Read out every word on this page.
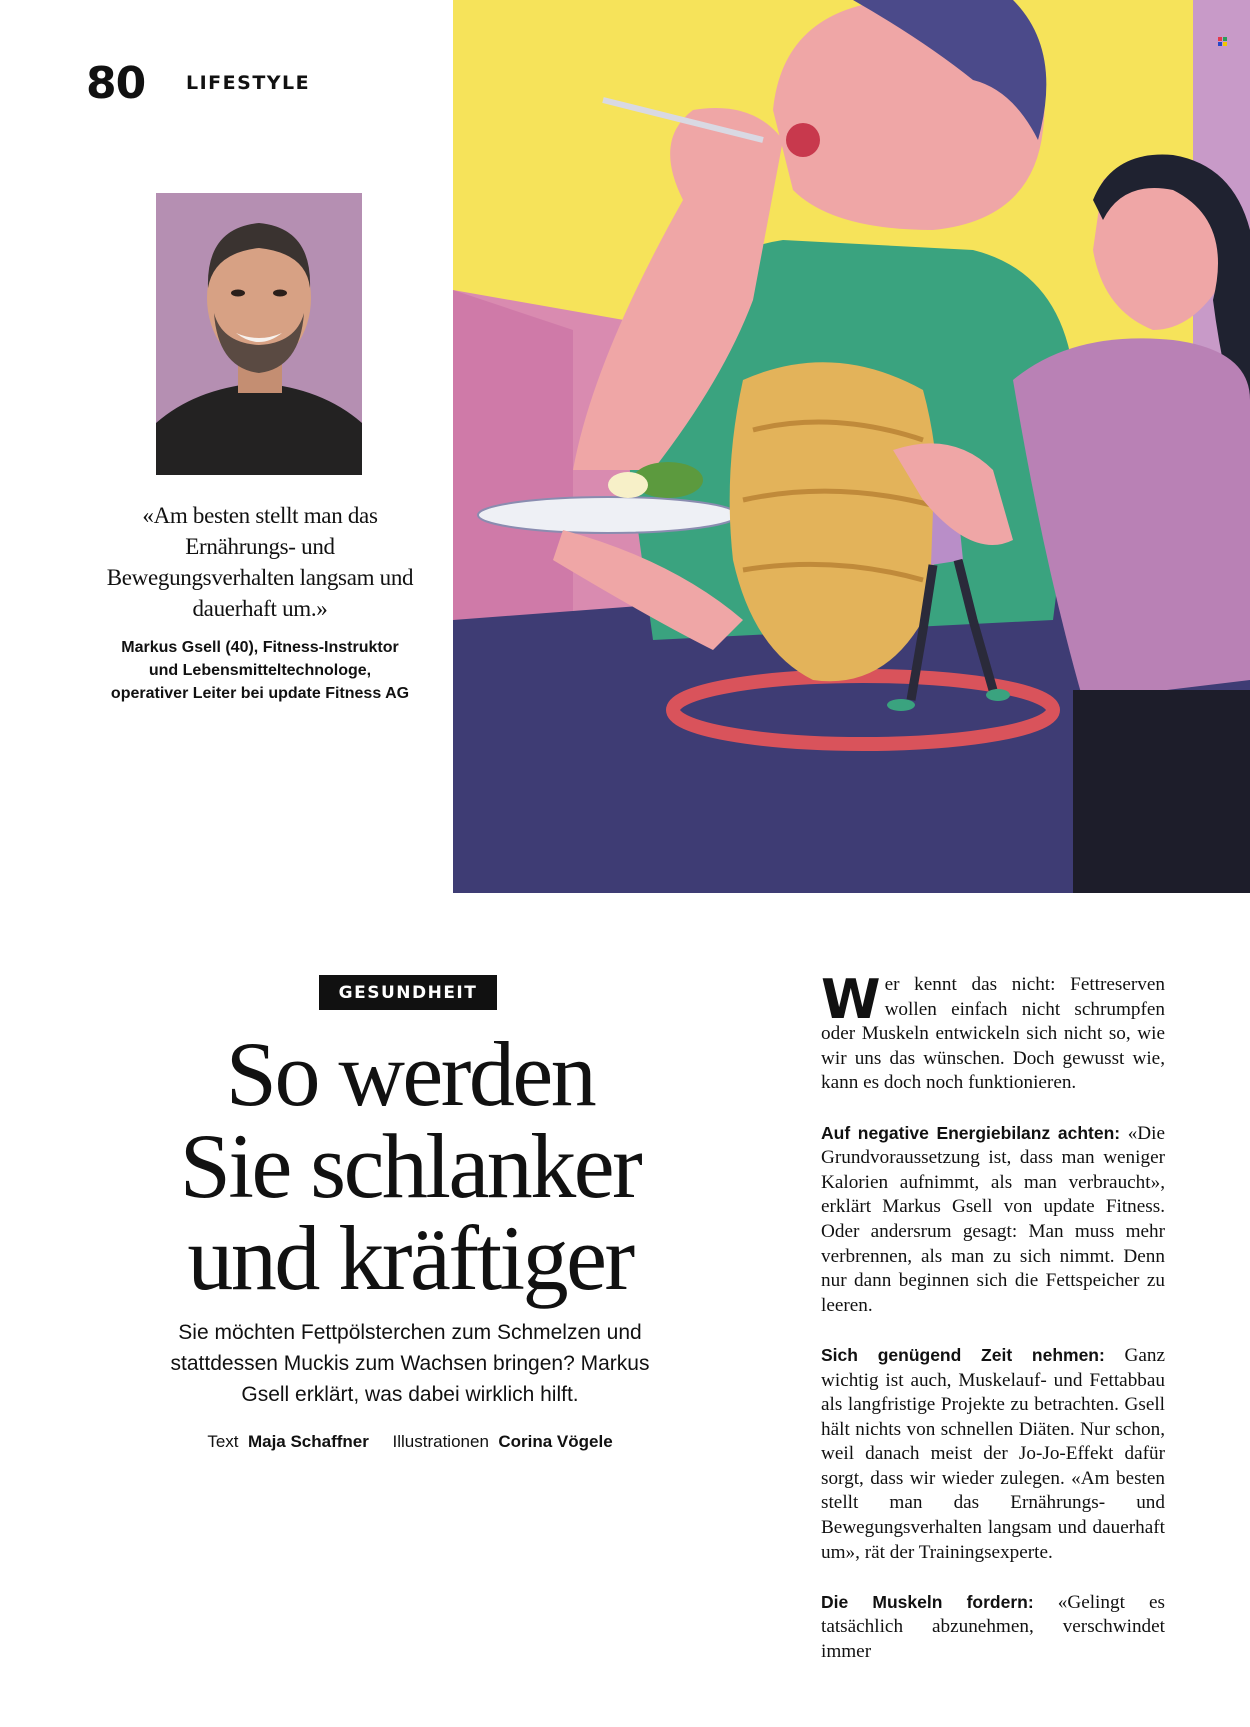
80 LIFESTYLE
«Am besten stellt man das Ernährungs- und Bewegungsverhalten langsam und dauerhaft um.»
Markus Gsell (40), Fitness-Instruktor
und Lebensmitteltechnologe,
operativer Leiter bei update Fitness AG
GESUNDHEIT
So werden
Sie schlanker
und kräftiger
Sie möchten Fettpölsterchen zum Schmelzen und stattdessen Muckis zum Wachsen bringen? Markus Gsell erklärt, was dabei wirklich hilft.
Text Maja Schaffner Illustrationen Corina Vögele

Wer kennt das nicht: Fettreserven wollen einfach nicht schrumpfen oder Muskeln entwickeln sich nicht so, wie wir uns das wünschen. Doch gewusst wie, kann es doch noch funktionieren.

Auf negative Energiebilanz achten: «Die Grundvoraussetzung ist, dass man weniger Kalorien aufnimmt, als man verbraucht», erklärt Markus Gsell von update Fitness. Oder andersrum gesagt: Man muss mehr verbrennen, als man zu sich nimmt. Denn nur dann beginnen sich die Fettspeicher zu leeren.

Sich genügend Zeit nehmen: Ganz wichtig ist auch, Muskelauf- und Fettabbau als langfristige Projekte zu betrachten. Gsell hält nichts von schnellen Diäten. Nur schon, weil danach meist der Jo-Jo-Effekt dafür sorgt, dass wir wieder zulegen. «Am besten stellt man das Ernährungs- und Bewegungsverhalten langsam und dauerhaft um», rät der Trainingsexperte.

Die Muskeln fordern: «Gelingt es tatsächlich abzunehmen, verschwindet immer
